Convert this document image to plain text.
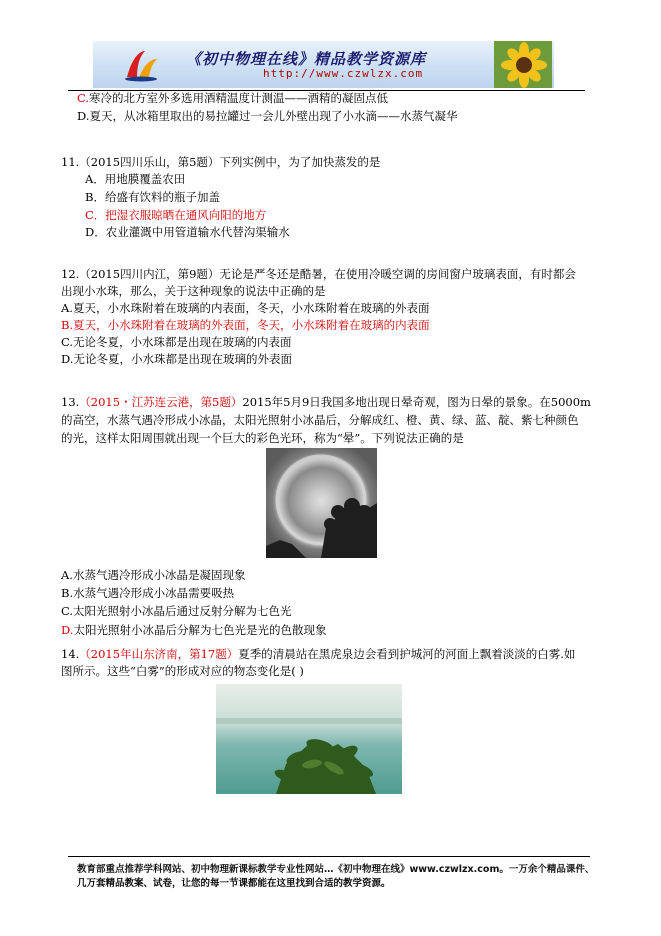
《初中物理在线》精品教学资源库
http://www.czwlzx.com
C.寒冷的北方室外多选用酒精温度计测温——酒精的凝固点低
D.夏天，从冰箱里取出的易拉罐过一会儿外壁出现了小水滴——水蒸气凝华
11.（2015四川乐山，第5题）下列实例中，为了加快蒸发的是
A．用地膜覆盖农田
B．给盛有饮料的瓶子加盖
C．把湿衣服晾晒在通风向阳的地方
D．农业灌溉中用管道输水代替沟渠输水
12.（2015四川内江，第9题）无论是严冬还是酷暑，在使用冷暖空调的房间窗户玻璃表面，有时都会
出现小水珠，那么，关于这种现象的说法中正确的是
A.夏天，小水珠附着在玻璃的内表面，冬天，小水珠附着在玻璃的外表面
B.夏天，小水珠附着在玻璃的外表面，冬天，小水珠附着在玻璃的内表面
C.无论冬夏，小水珠都是出现在玻璃的内表面
D.无论冬夏，小水珠都是出现在玻璃的外表面
13.（2015・江苏连云港，第5题）2015年5月9日我国多地出现日晕奇观，图为日晕的景象。在5000m
的高空，水蒸气遇冷形成小冰晶，太阳光照射小冰晶后，分解成红、橙、黄、绿、蓝、靛、紫七种颜色
的光，这样太阳周围就出现一个巨大的彩色光环，称为“晕”。下列说法正确的是
A.水蒸气遇冷形成小冰晶是凝固现象
B.水蒸气遇冷形成小冰晶需要吸热
C.太阳光照射小冰晶后通过反射分解为七色光
D.太阳光照射小冰晶后分解为七色光是光的色散现象
14.（2015年山东济南，第17题）夏季的清晨站在黑虎泉边会看到护城河的河面上飘着淡淡的白雾.如
图所示。这些“白雾”的形成对应的物态变化是( )
教育部重点推荐学科网站、初中物理新课标教学专业性网站…《初中物理在线》www.czwlzx.com。一万余个精品课件、
几万套精品教案、试卷，让您的每一节课都能在这里找到合适的教学资源。
